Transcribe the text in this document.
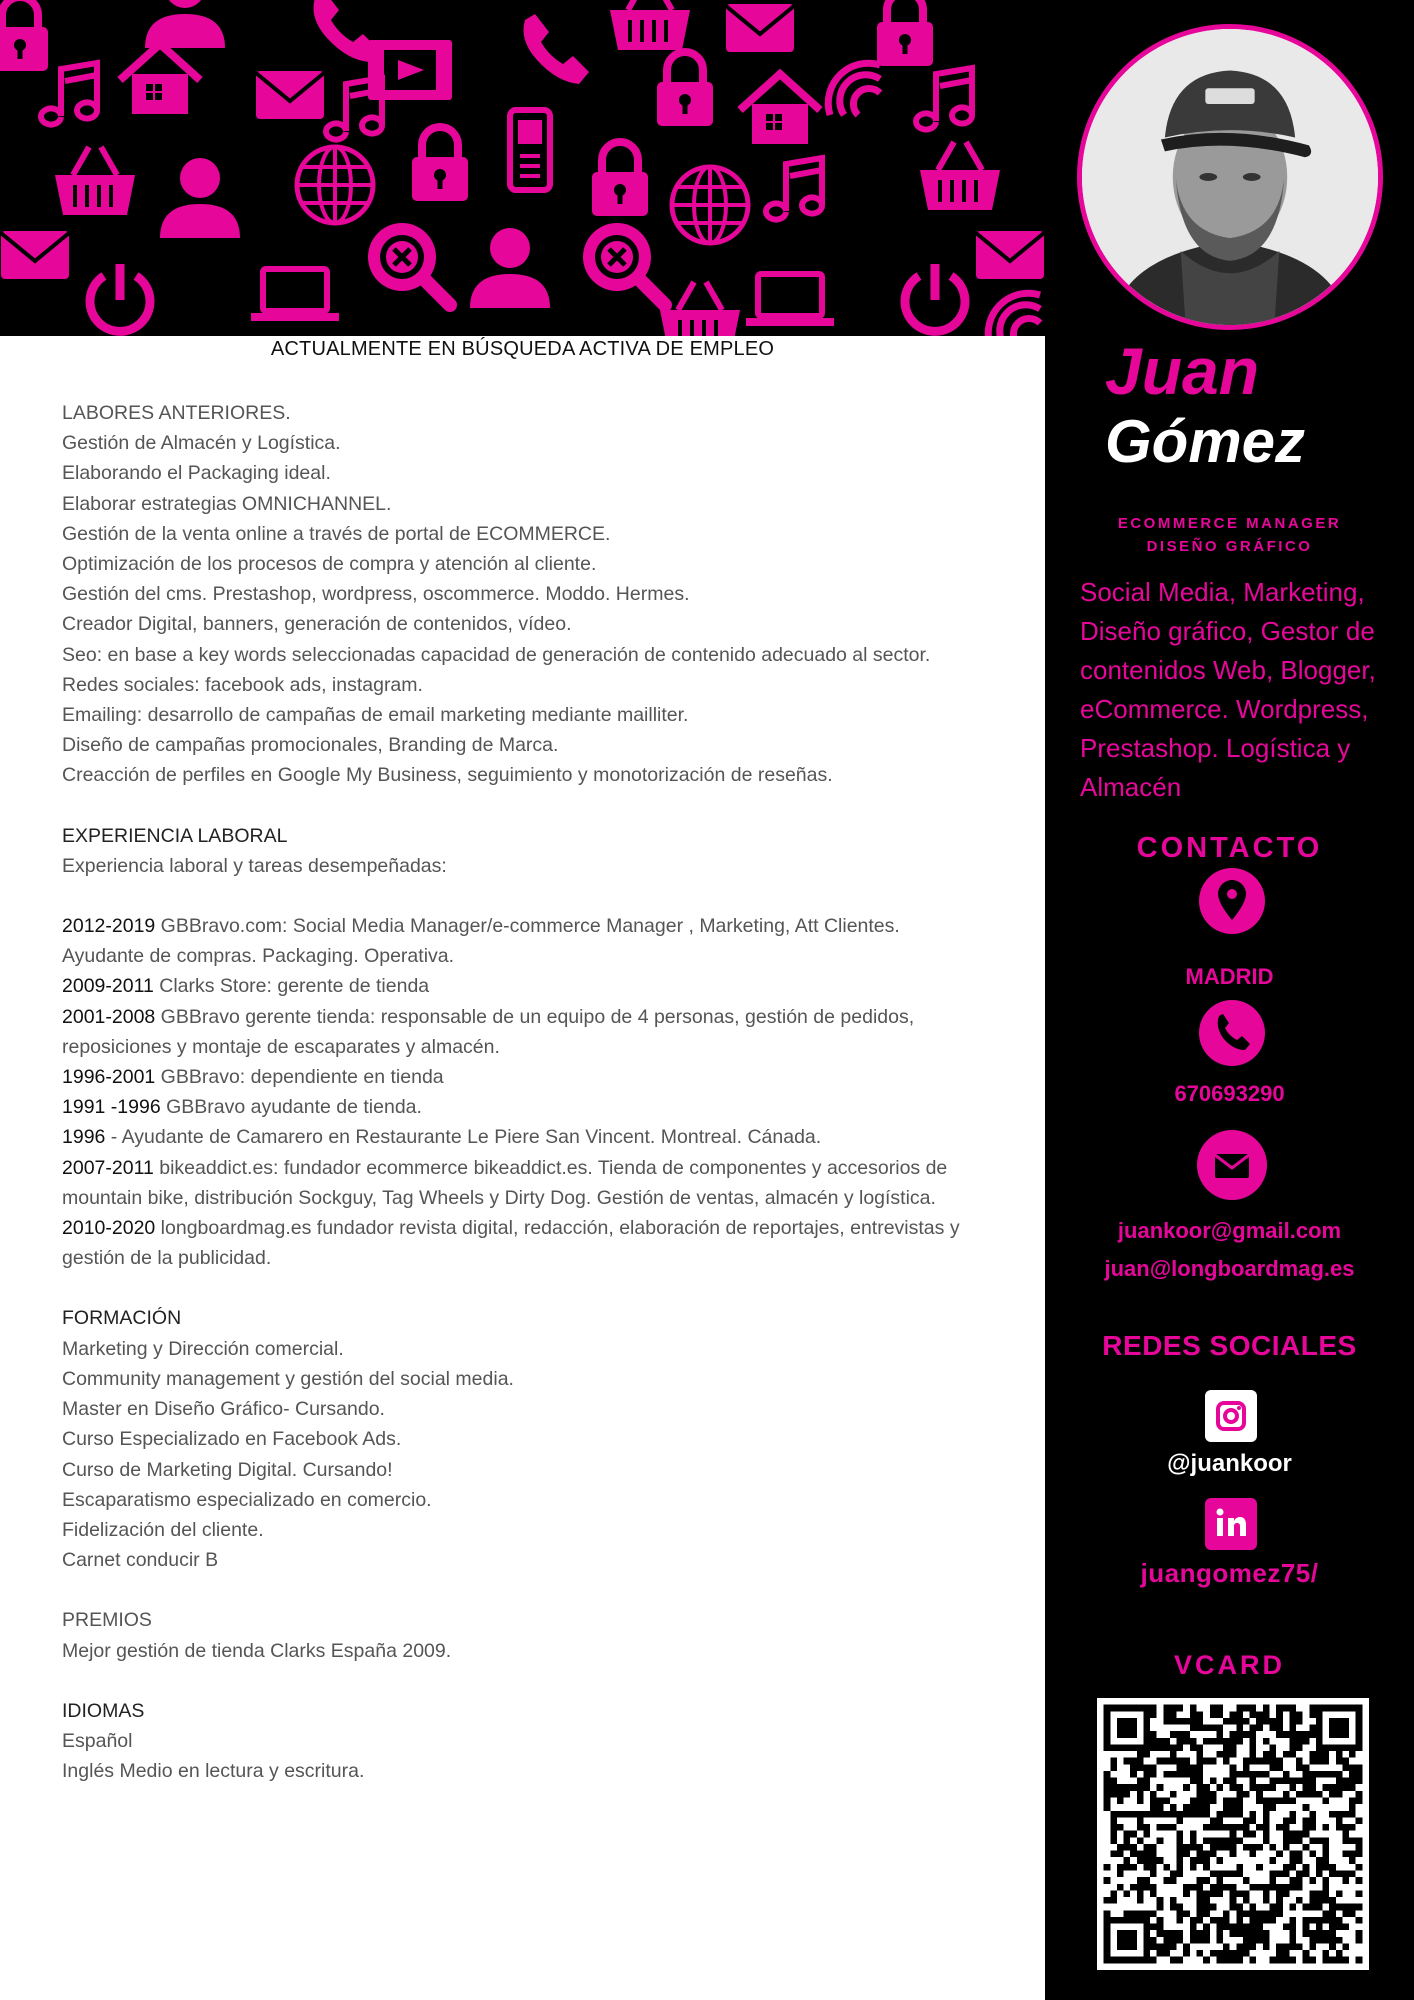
ACTUALMENTE EN BÚSQUEDA ACTIVA DE EMPLEO
LABORES ANTERIORES.
Gestión de Almacén y Logística.
Elaborando el Packaging ideal.
Elaborar estrategias OMNICHANNEL.
Gestión de la venta online a través de portal de ECOMMERCE.
Optimización de los procesos de compra y atención al cliente.
Gestión del cms. Prestashop, wordpress, oscommerce. Moddo. Hermes.
Creador Digital, banners, generación de contenidos, vídeo.
Seo: en base a key words seleccionadas capacidad de generación de contenido adecuado al sector.
Redes sociales: facebook ads, instagram.
Emailing: desarrollo de campañas de email marketing mediante mailliter.
Diseño de campañas promocionales, Branding de Marca.
Creacción de perfiles en Google My Business, seguimiento y monotorización de reseñas.
EXPERIENCIA LABORAL
Experiencia laboral y tareas desempeñadas:
2012-2019 GBBravo.com: Social Media Manager/e-commerce Manager , Marketing, Att Clientes. Ayudante de compras. Packaging. Operativa.
2009-2011 Clarks Store: gerente de tienda
2001-2008 GBBravo gerente tienda: responsable de un equipo de 4 personas, gestión de pedidos, reposiciones y montaje de escaparates y almacén.
1996-2001 GBBravo: dependiente en tienda
1991 -1996 GBBravo ayudante de tienda.
1996 - Ayudante de Camarero en Restaurante Le Piere San Vincent. Montreal. Cánada.
2007-2011 bikeaddict.es: fundador ecommerce bikeaddict.es. Tienda de componentes y accesorios de mountain bike, distribución Sockguy, Tag Wheels y Dirty Dog. Gestión de ventas, almacén y logística.
2010-2020 longboardmag.es fundador revista digital, redacción, elaboración de reportajes, entrevistas y gestión de la publicidad.
FORMACIÓN
Marketing y Dirección comercial.
Community management y gestión del social media.
Master en Diseño Gráfico- Cursando.
Curso Especializado en Facebook Ads.
Curso de Marketing Digital. Cursando!
Escaparatismo especializado en comercio.
Fidelización del cliente.
Carnet conducir B
PREMIOS
Mejor gestión de tienda Clarks España 2009.
IDIOMAS
Español
Inglés Medio en lectura y escritura.
Juan
Gómez
ECOMMERCE MANAGER
DISEÑO GRÁFICO
Social Media, Marketing, Diseño gráfico, Gestor de contenidos Web, Blogger, eCommerce. Wordpress, Prestashop. Logística y Almacén
CONTACTO
MADRID
670693290
juankoor@gmail.com
juan@longboardmag.es
REDES SOCIALES
@juankoor
juangomez75/
VCARD
